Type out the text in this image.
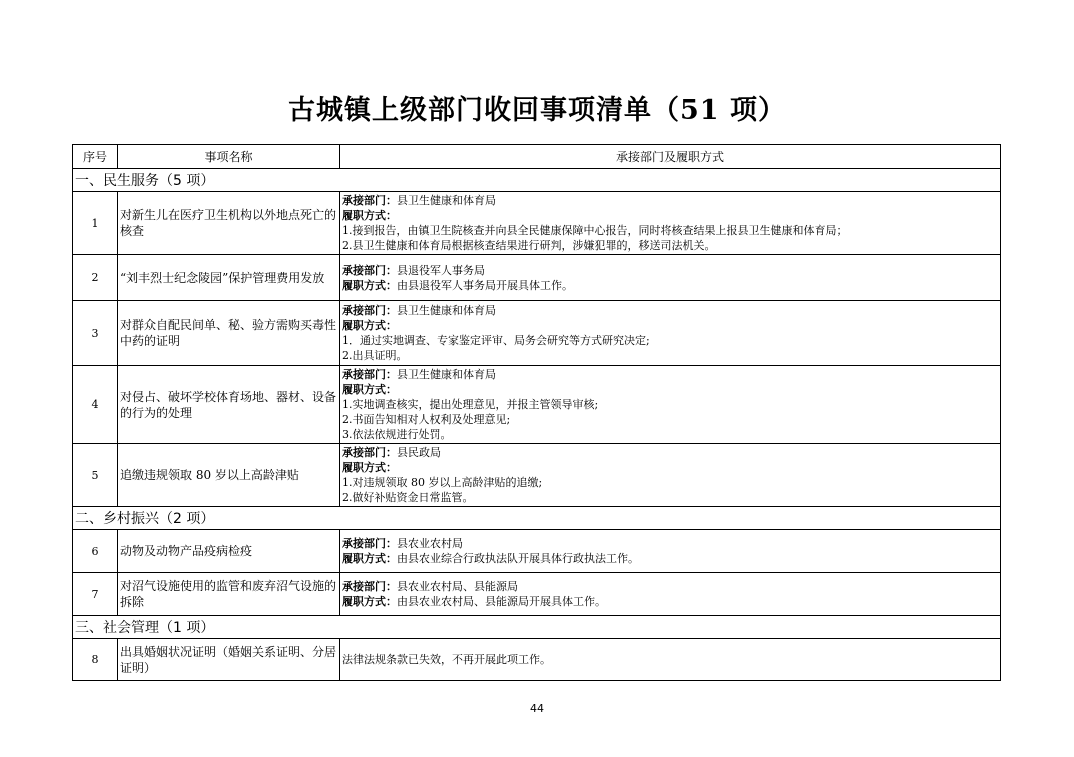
古城镇上级部门收回事项清单（51 项）
序号	事项名称	承接部门及履职方式
一、民生服务（5 项）		
1	对新生儿在医疗卫生机构以外地点死亡的核查	承接部门：县卫生健康和体育局
履职方式：
1.接到报告，由镇卫生院核查并向县全民健康保障中心报告，同时将核查结果上报县卫生健康和体育局；
2.县卫生健康和体育局根据核查结果进行研判，涉嫌犯罪的，移送司法机关。

2	“刘丰烈士纪念陵园”保护管理费用发放	承接部门：县退役军人事务局
履职方式：由县退役军人事务局开展具体工作。

3	对群众自配民间单、秘、验方需购买毒性中药的证明	承接部门：县卫生健康和体育局
履职方式：
1．通过实地调查、专家鉴定评审、局务会研究等方式研究决定;
2.出具证明。

4	对侵占、破坏学校体育场地、器材、设备的行为的处理	承接部门：县卫生健康和体育局
履职方式：
1.实地调查核实，提出处理意见，并报主管领导审核;
2.书面告知相对人权利及处理意见;
3.依法依规进行处罚。

5	追缴违规领取 80 岁以上高龄津贴	承接部门：县民政局
履职方式：
1.对违规领取 80 岁以上高龄津贴的追缴;
2.做好补贴资金日常监管。

二、乡村振兴（2 项）		
6	动物及动物产品疫病检疫	承接部门：县农业农村局
履职方式：由县农业综合行政执法队开展具体行政执法工作。

7	对沼气设施使用的监管和废弃沼气设施的拆除	承接部门：县农业农村局、县能源局
履职方式：由县农业农村局、县能源局开展具体工作。

三、社会管理（1 项）		
8	出具婚姻状况证明（婚姻关系证明、分居证明）	法律法规条款已失效，不再开展此项工作。
44
